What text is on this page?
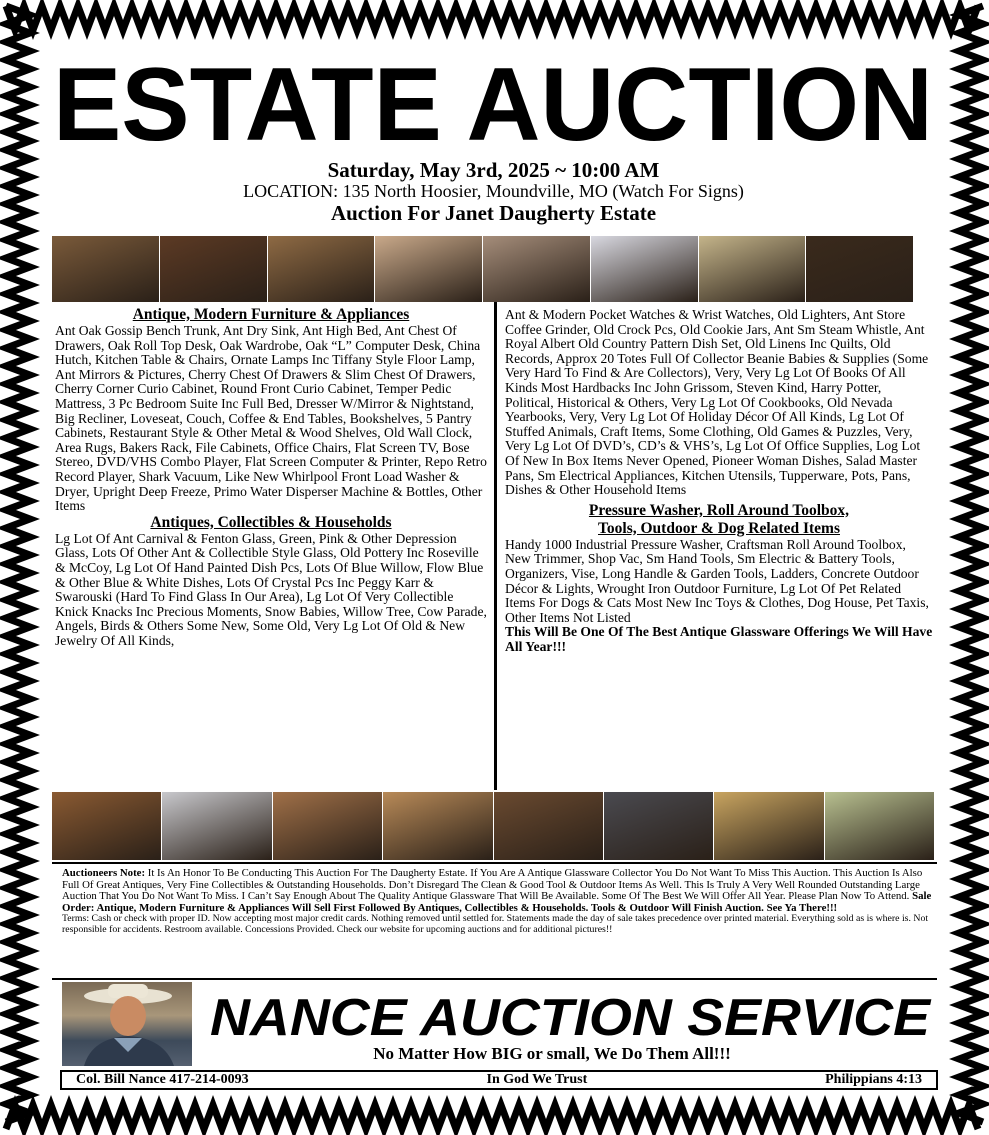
ESTATE AUCTION
Saturday, May 3rd, 2025 ~ 10:00 AM
LOCATION: 135 North Hoosier, Moundville, MO (Watch For Signs)
Auction For Janet Daugherty Estate
Antique, Modern Furniture & Appliances

Ant Oak Gossip Bench Trunk, Ant Dry Sink, Ant High Bed, Ant Chest Of Drawers, Oak Roll Top Desk, Oak Wardrobe, Oak “L” Computer Desk, China Hutch, Kitchen Table & Chairs, Ornate Lamps Inc Tiffany Style Floor Lamp, Ant Mirrors & Pictures, Cherry Chest Of Drawers & Slim Chest Of Drawers, Cherry Corner Curio Cabinet, Round Front Curio Cabinet, Temper Pedic Mattress, 3 Pc Bedroom Suite Inc Full Bed, Dresser W/Mirror & Nightstand, Big Recliner, Loveseat, Couch, Coffee & End Tables, Bookshelves, 5 Pantry Cabinets, Restaurant Style & Other Metal & Wood Shelves, Old Wall Clock, Area Rugs, Bakers Rack, File Cabinets, Office Chairs, Flat Screen TV, Bose Stereo, DVD/VHS Combo Player, Flat Screen Computer & Printer, Repo Retro Record Player, Shark Vacuum, Like New Whirlpool Front Load Washer & Dryer, Upright Deep Freeze, Primo Water Disperser Machine & Bottles, Other Items

Antiques, Collectibles & Households

Lg Lot Of Ant Carnival & Fenton Glass, Green, Pink & Other Depression Glass, Lots Of Other Ant & Collectible Style Glass, Old Pottery Inc Roseville & McCoy, Lg Lot Of Hand Painted Dish Pcs, Lots Of Blue Willow, Flow Blue & Other Blue & White Dishes, Lots Of Crystal Pcs Inc Peggy Karr & Swarouski (Hard To Find Glass In Our Area), Lg Lot Of Very Collectible Knick Knacks Inc Precious Moments, Snow Babies, Willow Tree, Cow Parade, Angels, Birds & Others Some New, Some Old, Very Lg Lot Of Old & New Jewelry Of All Kinds,

Ant & Modern Pocket Watches & Wrist Watches, Old Lighters, Ant Store Coffee Grinder, Old Crock Pcs, Old Cookie Jars, Ant Sm Steam Whistle, Ant Royal Albert Old Country Pattern Dish Set, Old Linens Inc Quilts, Old Records, Approx 20 Totes Full Of Collector Beanie Babies & Supplies (Some Very Hard To Find & Are Collectors), Very, Very Lg Lot Of Books Of All Kinds Most Hardbacks Inc John Grissom, Steven Kind, Harry Potter, Political, Historical & Others, Very Lg Lot Of Cookbooks, Old Nevada Yearbooks, Very, Very Lg Lot Of Holiday Décor Of All Kinds, Lg Lot Of Stuffed Animals, Craft Items, Some Clothing, Old Games & Puzzles, Very, Very Lg Lot Of DVD’s, CD’s & VHS’s, Lg Lot Of Office Supplies, Log Lot Of New In Box Items Never Opened, Pioneer Woman Dishes, Salad Master Pans, Sm Electrical Appliances, Kitchen Utensils, Tupperware, Pots, Pans, Dishes & Other Household Items

Pressure Washer, Roll Around Toolbox,
Tools, Outdoor & Dog Related Items

Handy 1000 Industrial Pressure Washer, Craftsman Roll Around Toolbox, New Trimmer, Shop Vac, Sm Hand Tools, Sm Electric & Battery Tools, Organizers, Vise, Long Handle & Garden Tools, Ladders, Concrete Outdoor Décor & Lights, Wrought Iron Outdoor Furniture, Lg Lot Of Pet Related Items For Dogs & Cats Most New Inc Toys & Clothes, Dog House, Pet Taxis, Other Items Not Listed

This Will Be One Of The Best Antique Glassware Offerings We Will Have All Year!!!

Auctioneers Note: It Is An Honor To Be Conducting This Auction For The Daugherty Estate. If You Are A Antique Glassware Collector You Do Not Want To Miss This Auction. This Auction Is Also Full Of Great Antiques, Very Fine Collectibles & Outstanding Households. Don’t Disregard The Clean & Good Tool & Outdoor Items As Well. This Is Truly A Very Well Rounded Outstanding Large Auction That You Do Not Want To Miss. I Can’t Say Enough About The Quality Antique Glassware That Will Be Available. Some Of The Best We Will Offer All Year. Please Plan Now To Attend. Sale Order: Antique, Modern Furniture & Appliances Will Sell First Followed By Antiques, Collectibles & Households. Tools & Outdoor Will Finish Auction. See Ya There!!!
Terms: Cash or check with proper ID. Now accepting most major credit cards. Nothing removed until settled for. Statements made the day of sale takes precedence over printed material. Everything sold as is where is. Not responsible for accidents. Restroom available. Concessions Provided. Check our website for upcoming auctions and for additional pictures!!
NANCE AUCTION SERVICE
No Matter How BIG or small, We Do Them All!!!
Col. Bill Nance 417-214-0093	In God We Trust	Philippians 4:13
